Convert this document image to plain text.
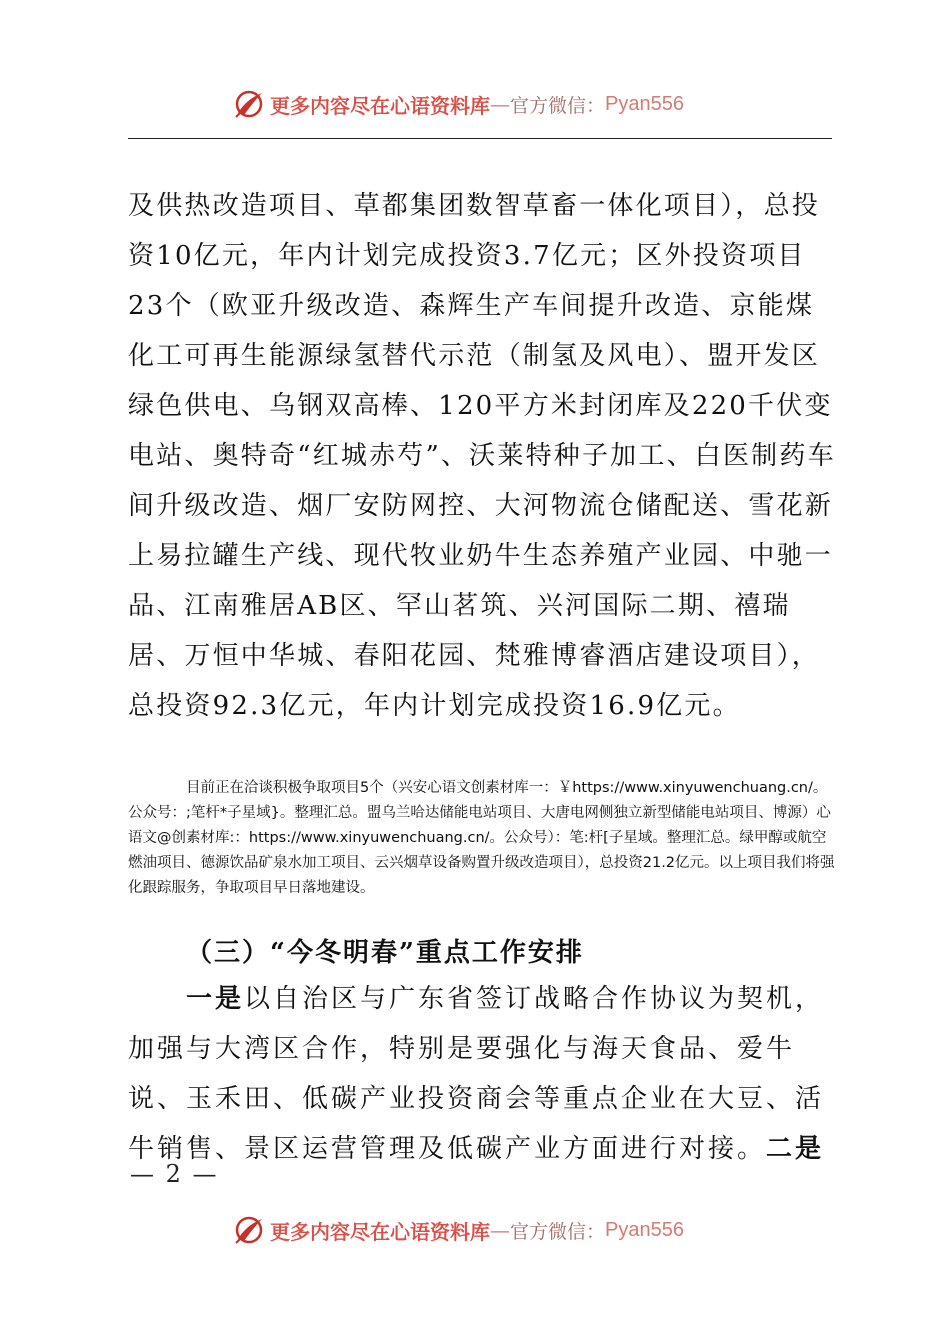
更多内容尽在心语资料库 — 官方微信： Pyan556

及供热改造项目、草都集团数智草畜一体化项目），总投资10亿元，年内计划完成投资3.7亿元；区外投资项目23个（欧亚升级改造、森辉生产车间提升改造、京能煤化工可再生能源绿氢替代示范（制氢及风电）、盟开发区绿色供电、乌钢双高棒、120平方米封闭库及220千伏变电站、奥特奇“红城赤芍”、沃莱特种子加工、白医制药车间升级改造、烟厂安防网控、大河物流仓储配送、雪花新上易拉罐生产线、现代牧业奶牛生态养殖产业园、中驰一品、江南雅居AB区、罕山茗筑、兴河国际二期、禧瑞居、万恒中华城、春阳花园、梵雅博睿酒店建设项目），总投资92.3亿元，年内计划完成投资16.9亿元。

目前正在洽谈积极争取项目5个（兴安心语文创素材库一：￥https://www.xinyuwenchuang.cn/。公众号：;笔杆*子星域}。整理汇总。盟乌兰哈达储能电站项目、大唐电网侧独立新型储能电站项目、博源）心语文@创素材库:：https://www.xinyuwenchuang.cn/。公众号）：笔:杆[子星域。整理汇总。绿甲醇或航空燃油项目、德源饮品矿泉水加工项目、云兴烟草设备购置升级改造项目），总投资21.2亿元。以上项目我们将强化跟踪服务，争取项目早日落地建设。

（三）“今冬明春”重点工作安排

一是以自治区与广东省签订战略合作协议为契机，加强与大湾区合作，特别是要强化与海天食品、爱牛说、玉禾田、低碳产业投资商会等重点企业在大豆、活牛销售、景区运营管理及低碳产业方面进行对接。二是

— 2 —
更多内容尽在心语资料库 — 官方微信： Pyan556
